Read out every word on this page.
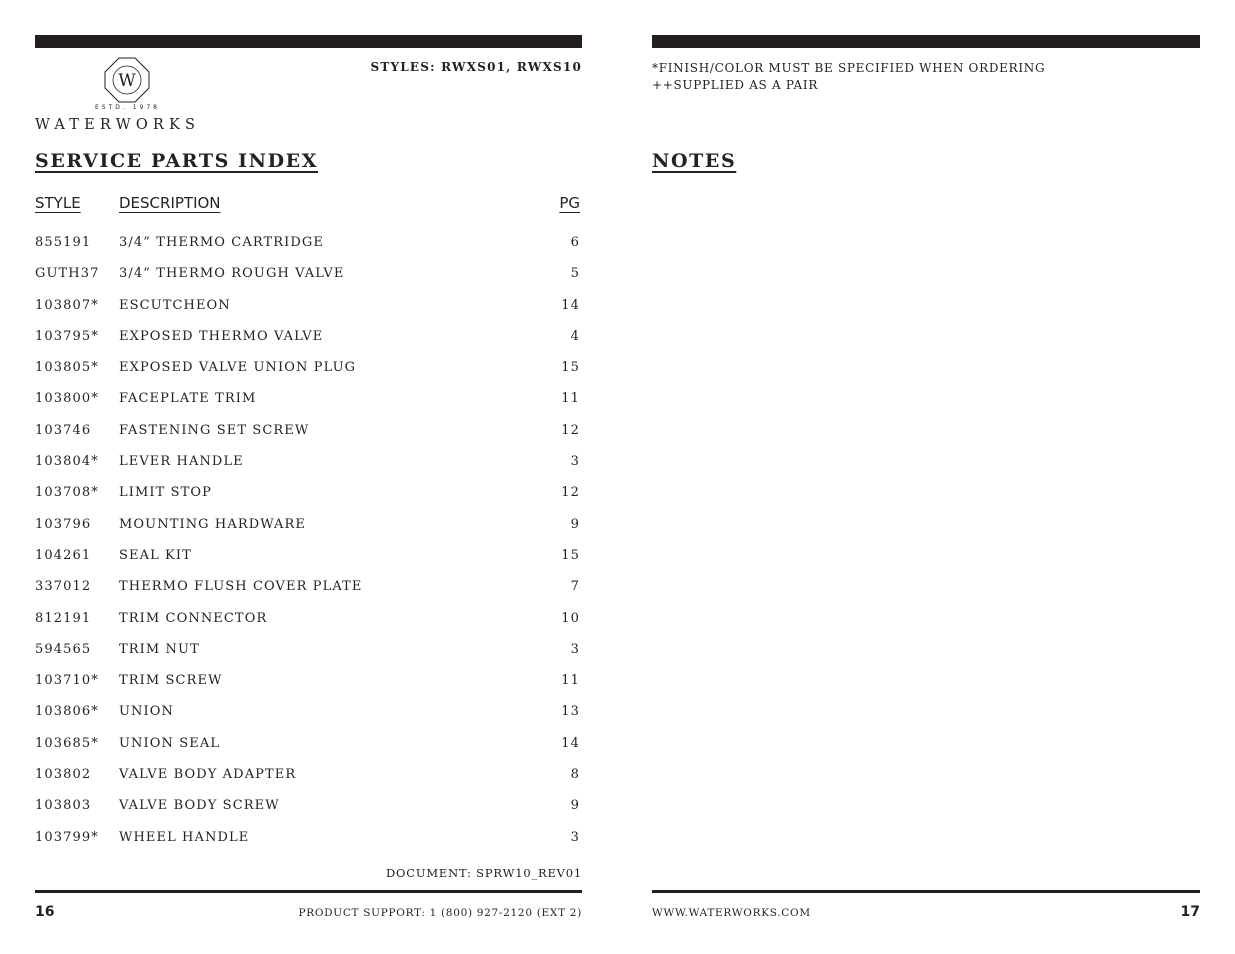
W
ESTD. 1978
WATERWORKS
STYLES: RWXS01, RWXS10
SERVICE PARTS INDEX
STYLE	DESCRIPTION	PG
855191 3/4” THERMO CARTRIDGE	6
GUTH37 3/4” THERMO ROUGH VALVE	5
103807* ESCUTCHEON	14
103795* EXPOSED THERMO VALVE	4
103805* EXPOSED VALVE UNION PLUG	15
103800* FACEPLATE TRIM	11
103746 FASTENING SET SCREW	12
103804* LEVER HANDLE	3
103708* LIMIT STOP	12
103796 MOUNTING HARDWARE	9
104261 SEAL KIT	15
337012 THERMO FLUSH COVER PLATE	7
812191 TRIM CONNECTOR	10
594565 TRIM NUT	3
103710* TRIM SCREW	11
103806* UNION	13
103685* UNION SEAL	14
103802 VALVE BODY ADAPTER	8
103803 VALVE BODY SCREW	9
103799* WHEEL HANDLE	3
DOCUMENT: SPRW10_REV01
16	PRODUCT SUPPORT: 1 (800) 927-2120 (EXT 2)
*FINISH/COLOR MUST BE SPECIFIED WHEN ORDERING
++SUPPLIED AS A PAIR
NOTES
WWW.WATERWORKS.COM	17
